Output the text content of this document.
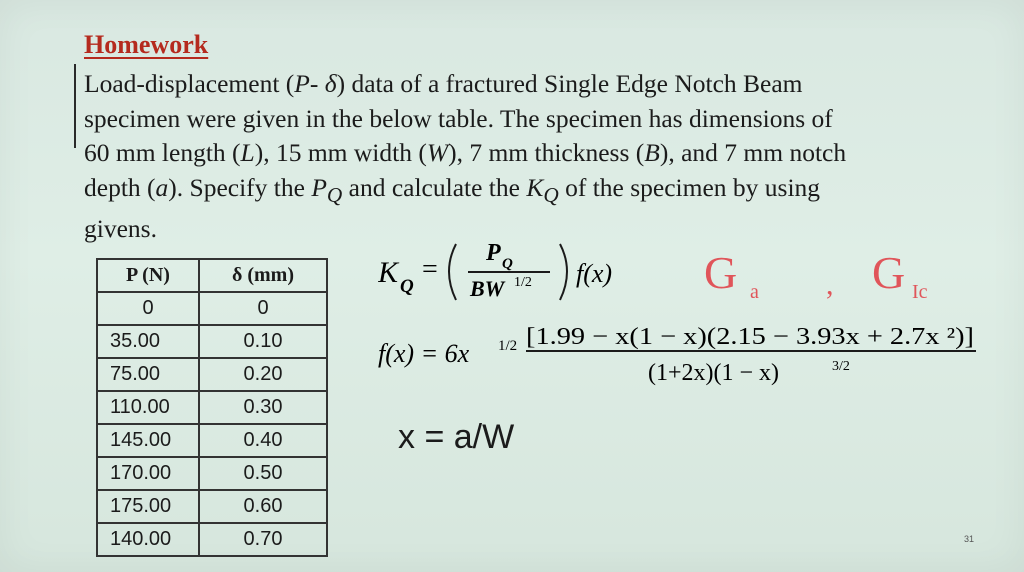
Homework
Load-displacement (P- δ) data of a fractured Single Edge Notch Beam
specimen were given in the below table. The specimen has dimensions of
60 mm length (L), 15 mm width (W), 7 mm thickness (B), and 7 mm notch
depth (a). Specify the $P_Q$ and calculate the $K_Q$ of the specimen by using
givens.
P (N)	δ (mm)
0	0
35.00	0.10
75.00	0.20
110.00	0.30
145.00	0.40
170.00	0.50
175.00	0.60
140.00	0.70
K Q
=
P Q
BW 1/2 f(x)
f(x) = 6x 1/2 [1.99 − x(1 − x)(2.15 − 3.93x + 2.7x ²)]
(1+2x)(1 − x)	3/2
x = a/W
G a , G Ic
31
